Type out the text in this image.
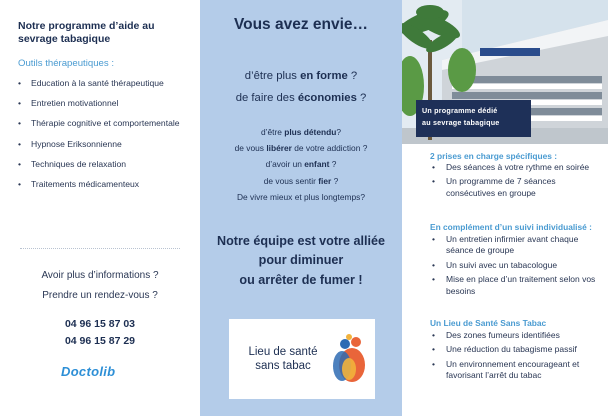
Notre programme d’aide au sevrage tabagique
Outils thérapeutiques :
• Education à la santé thérapeutique
• Entretien motivationnel
• Thérapie cognitive et comportementale
• Hypnose Eriksonnienne
• Techniques de relaxation
• Traitements médicamenteux
Avoir plus d’informations ?
Prendre un rendez-vous ?
04 96 15 87 03
04 96 15 87 29
Doctolib
Vous avez envie…
d’être plus en forme ?
de faire des économies ?
d’être plus détendu?
de vous libérer de votre addiction ?
d’avoir un enfant ?
de vous sentir fier ?
De vivre mieux et plus longtemps?
Notre équipe est votre alliée
pour diminuer
ou arrêter de fumer !
Lieu de santé
sans tabac
Un programme dédié
au sevrage tabagique
2 prises en charge spécifiques :
• Des séances à votre rythme en soirée
• Un programme de 7 séances consécutives en groupe
En complément d’un suivi individualisé :
• Un entretien infirmier avant chaque séance de groupe
• Un suivi avec un tabacologue
• Mise en place d’un traitement selon vos besoins
Un Lieu de Santé Sans Tabac
• Des zones fumeurs identifiées
• Une réduction du tabagisme passif
• Un environnement encourageant et favorisant l’arrêt du tabac
